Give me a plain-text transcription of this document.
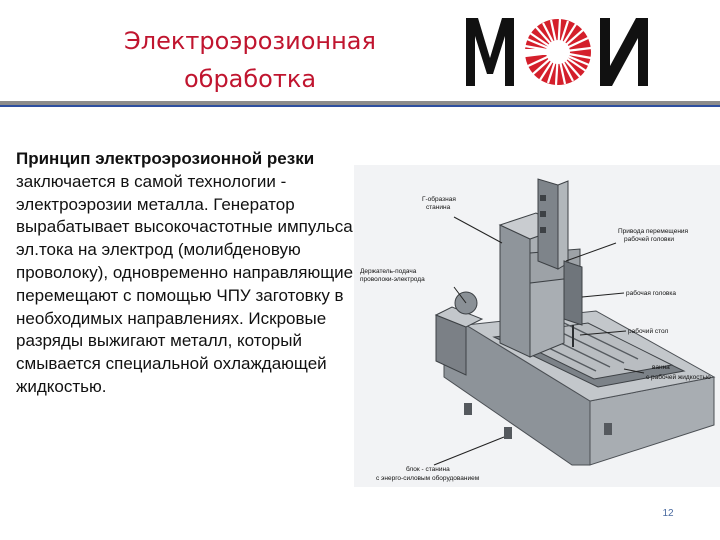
Электроэрозионная
обработка
Принцип электроэрозионной резки заключается в самой технологии - электроэрозии металла. Генератор вырабатывает высокочастотные импульса эл.тока на электрод (молибденовую проволоку), одновременно направляющие перемещают с помощью ЧПУ заготовку в необходимых направлениях. Искровые разряды выжигают металл, который смывается специальной охлаждающей жидкостью.
Г-образная
станина
Привода перемещения
рабочей головки
Держатель-подача
проволоки-электрода
рабочая головка
рабочий стол
ванна
с рабочей жидкостью
блок - станина
с энерго-силовым оборудованием
12
